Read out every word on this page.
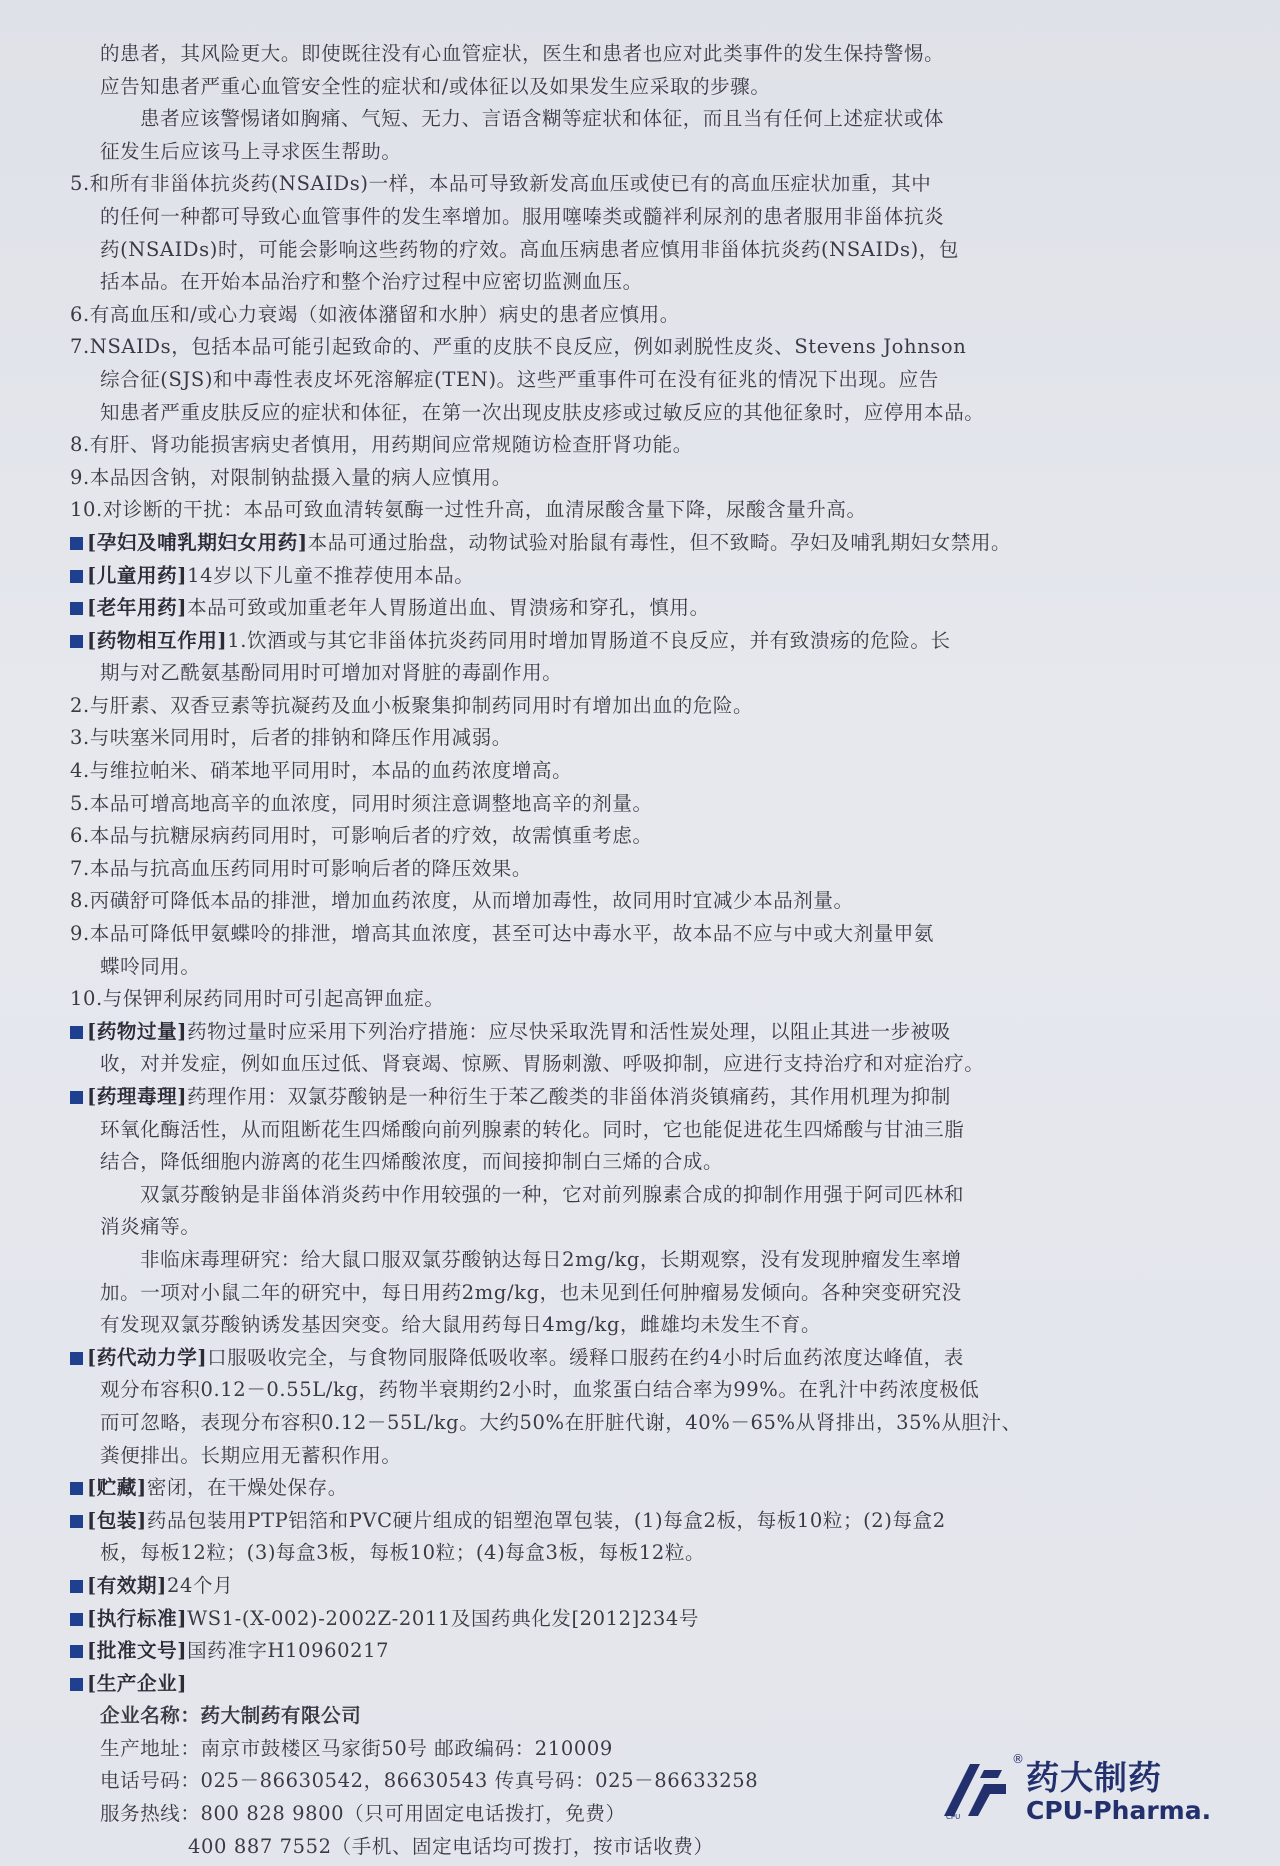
的患者，其风险更大。即使既往没有心血管症状，医生和患者也应对此类事件的发生保持警惕。
应告知患者严重心血管安全性的症状和/或体征以及如果发生应采取的步骤。
患者应该警惕诸如胸痛、气短、无力、言语含糊等症状和体征，而且当有任何上述症状或体
征发生后应该马上寻求医生帮助。
5.和所有非甾体抗炎药(NSAIDs)一样，本品可导致新发高血压或使已有的高血压症状加重，其中
的任何一种都可导致心血管事件的发生率增加。服用噻嗪类或髓袢利尿剂的患者服用非甾体抗炎
药(NSAIDs)时，可能会影响这些药物的疗效。高血压病患者应慎用非甾体抗炎药(NSAIDs)，包
括本品。在开始本品治疗和整个治疗过程中应密切监测血压。
6.有高血压和/或心力衰竭（如液体潴留和水肿）病史的患者应慎用。
7.NSAIDs，包括本品可能引起致命的、严重的皮肤不良反应，例如剥脱性皮炎、Stevens Johnson
综合征(SJS)和中毒性表皮坏死溶解症(TEN)。这些严重事件可在没有征兆的情况下出现。应告
知患者严重皮肤反应的症状和体征，在第一次出现皮肤皮疹或过敏反应的其他征象时，应停用本品。
8.有肝、肾功能损害病史者慎用，用药期间应常规随访检查肝肾功能。
9.本品因含钠，对限制钠盐摄入量的病人应慎用。
10.对诊断的干扰：本品可致血清转氨酶一过性升高，血清尿酸含量下降，尿酸含量升高。
[孕妇及哺乳期妇女用药]本品可通过胎盘，动物试验对胎鼠有毒性，但不致畸。孕妇及哺乳期妇女禁用。
[儿童用药]14岁以下儿童不推荐使用本品。
[老年用药]本品可致或加重老年人胃肠道出血、胃溃疡和穿孔，慎用。
[药物相互作用]1.饮酒或与其它非甾体抗炎药同用时增加胃肠道不良反应，并有致溃疡的危险。长
期与对乙酰氨基酚同用时可增加对肾脏的毒副作用。
2.与肝素、双香豆素等抗凝药及血小板聚集抑制药同用时有增加出血的危险。
3.与呋塞米同用时，后者的排钠和降压作用减弱。
4.与维拉帕米、硝苯地平同用时，本品的血药浓度增高。
5.本品可增高地高辛的血浓度，同用时须注意调整地高辛的剂量。
6.本品与抗糖尿病药同用时，可影响后者的疗效，故需慎重考虑。
7.本品与抗高血压药同用时可影响后者的降压效果。
8.丙磺舒可降低本品的排泄，增加血药浓度，从而增加毒性，故同用时宜减少本品剂量。
9.本品可降低甲氨蝶呤的排泄，增高其血浓度，甚至可达中毒水平，故本品不应与中或大剂量甲氨
蝶呤同用。
10.与保钾利尿药同用时可引起高钾血症。
[药物过量]药物过量时应采用下列治疗措施：应尽快采取洗胃和活性炭处理，以阻止其进一步被吸
收，对并发症，例如血压过低、肾衰竭、惊厥、胃肠刺激、呼吸抑制，应进行支持治疗和对症治疗。
[药理毒理]药理作用：双氯芬酸钠是一种衍生于苯乙酸类的非甾体消炎镇痛药，其作用机理为抑制
环氧化酶活性，从而阻断花生四烯酸向前列腺素的转化。同时，它也能促进花生四烯酸与甘油三脂
结合，降低细胞内游离的花生四烯酸浓度，而间接抑制白三烯的合成。
双氯芬酸钠是非甾体消炎药中作用较强的一种，它对前列腺素合成的抑制作用强于阿司匹林和
消炎痛等。
非临床毒理研究：给大鼠口服双氯芬酸钠达每日2mg/kg，长期观察，没有发现肿瘤发生率增
加。一项对小鼠二年的研究中，每日用药2mg/kg，也未见到任何肿瘤易发倾向。各种突变研究没
有发现双氯芬酸钠诱发基因突变。给大鼠用药每日4mg/kg，雌雄均未发生不育。
[药代动力学]口服吸收完全，与食物同服降低吸收率。缓释口服药在约4小时后血药浓度达峰值，表
观分布容积0.12－0.55L/kg，药物半衰期约2小时，血浆蛋白结合率为99%。在乳汁中药浓度极低
而可忽略，表现分布容积0.12－55L/kg。大约50%在肝脏代谢，40%－65%从肾排出，35%从胆汁、
粪便排出。长期应用无蓄积作用。
[贮藏]密闭，在干燥处保存。
[包装]药品包装用PTP铝箔和PVC硬片组成的铝塑泡罩包装，(1)每盒2板，每板10粒；(2)每盒2
板，每板12粒；(3)每盒3板，每板10粒；(4)每盒3板，每板12粒。
[有效期]24个月
[执行标准]WS1-(X-002)-2002Z-2011及国药典化发[2012]234号
[批准文号]国药准字H10960217
[生产企业]
企业名称：药大制药有限公司
生产地址：南京市鼓楼区马家街50号 邮政编码：210009
电话号码：025－86630542，86630543 传真号码：025－86633258
服务热线：800 828 9800（只可用固定电话拨打，免费）
400 887 7552（手机、固定电话均可拨打，按市话收费）
CPU
® 药大制药
CPU-Pharma.
